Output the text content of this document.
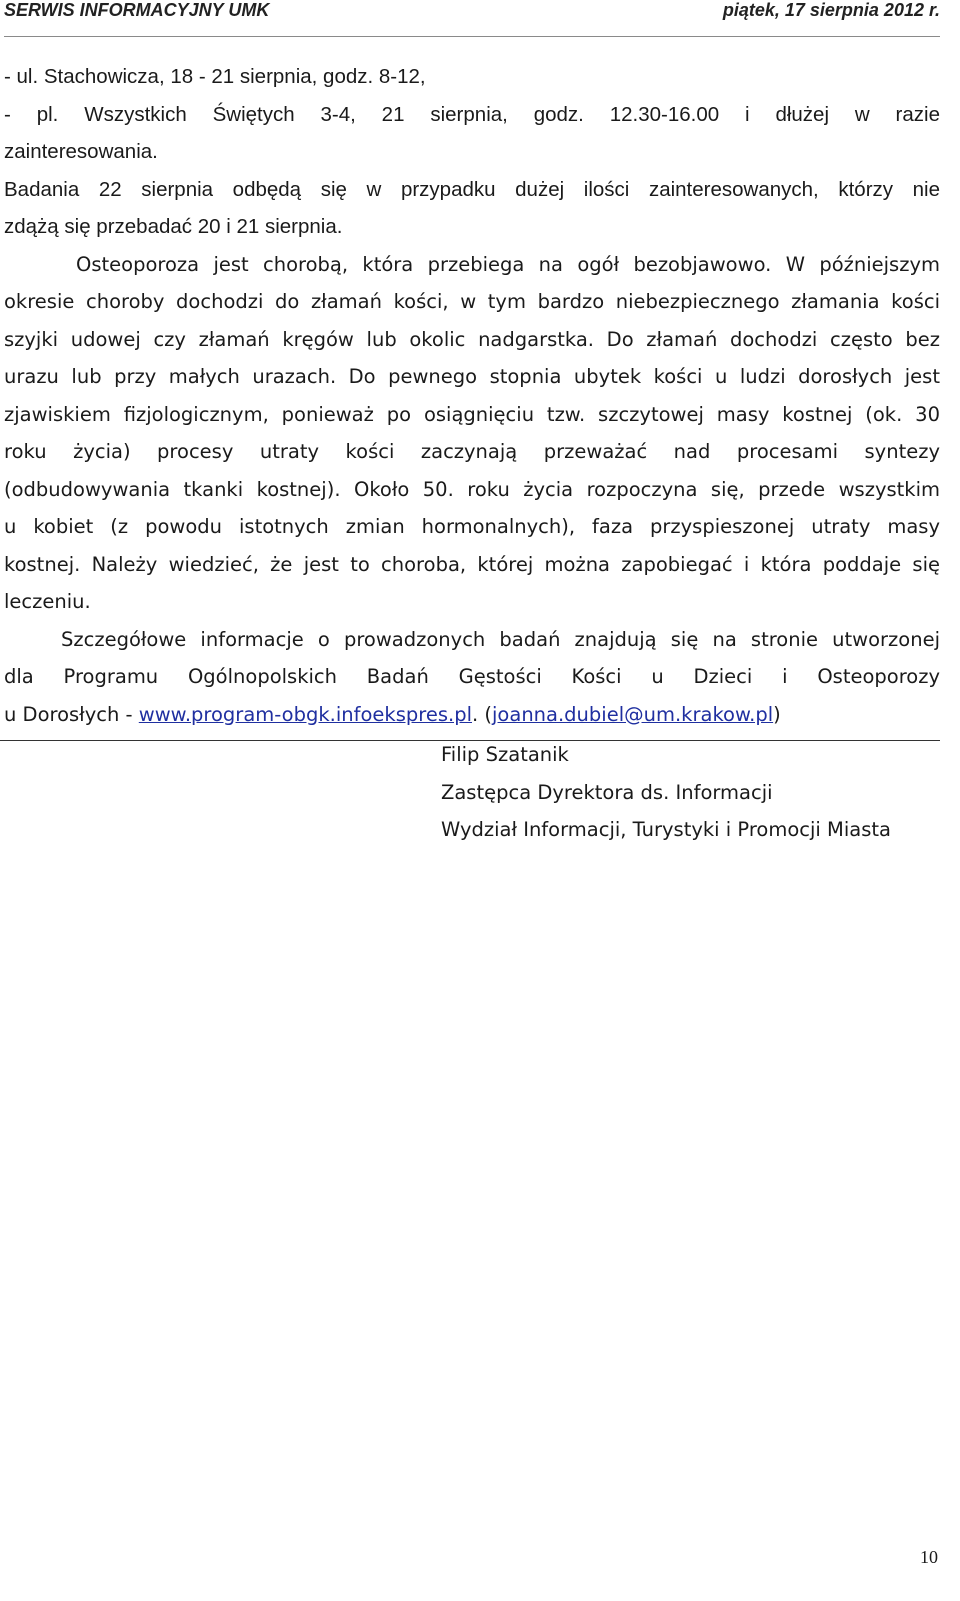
SERWIS INFORMACYJNY UMK	piątek, 17 sierpnia 2012 r.
- ul. Stachowicza, 18 - 21 sierpnia, godz. 8-12,
- pl. Wszystkich Świętych 3-4, 21 sierpnia, godz. 12.30-16.00 i dłużej w razie
zainteresowania.
Badania 22 sierpnia odbędą się w przypadku dużej ilości zainteresowanych, którzy nie
zdążą się przebadać 20 i 21 sierpnia.
Osteoporoza jest chorobą, która przebiega na ogół bezobjawowo. W późniejszym
okresie choroby dochodzi do złamań kości, w tym bardzo niebezpiecznego złamania kości
szyjki udowej czy złamań kręgów lub okolic nadgarstka. Do złamań dochodzi często bez
urazu lub przy małych urazach. Do pewnego stopnia ubytek kości u ludzi dorosłych jest
zjawiskiem fizjologicznym, ponieważ po osiągnięciu tzw. szczytowej masy kostnej (ok. 30
roku życia) procesy utraty kości zaczynają przeważać nad procesami syntezy
(odbudowywania tkanki kostnej). Około 50. roku życia rozpoczyna się, przede wszystkim
u kobiet (z powodu istotnych zmian hormonalnych), faza przyspieszonej utraty masy
kostnej. Należy wiedzieć, że jest to choroba, której można zapobiegać i która poddaje się
leczeniu.
Szczegółowe informacje o prowadzonych badań znajdują się na stronie utworzonej
dla Programu Ogólnopolskich Badań Gęstości Kości u Dzieci i Osteoporozy
u Dorosłych - www.program-obgk.infoekspres.pl. (joanna.dubiel@um.krakow.pl)
Filip Szatanik
Zastępca Dyrektora ds. Informacji
Wydział Informacji, Turystyki i Promocji Miasta
10
